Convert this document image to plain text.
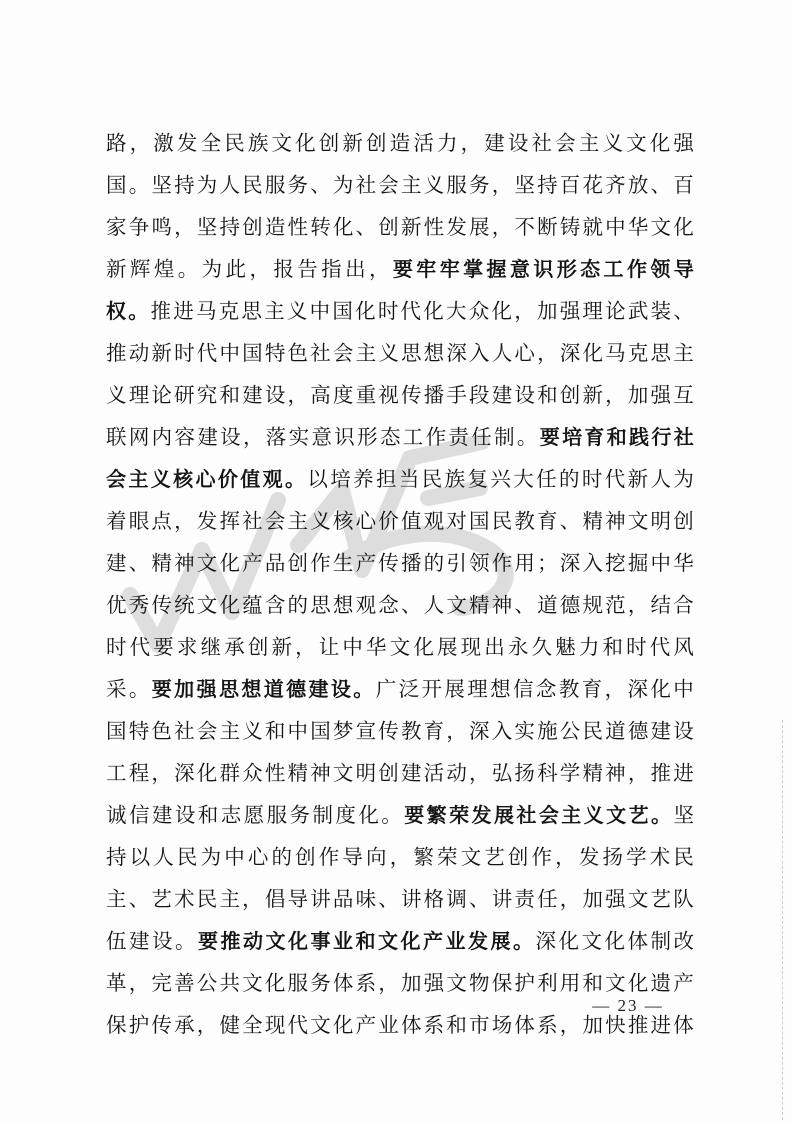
路 ， 激 发 全 民 族 文 化 创 新 创 造 活 力 ， 建 设 社 会 主 义 文 化 强
国 。 坚 持 为 人 民 服 务 、 为 社 会 主 义 服 务 ， 坚 持 百 花 齐 放 、 百
家 争 鸣 ， 坚 持 创 造 性 转 化 、 创 新 性 发 展 ， 不 断 铸 就 中 华 文 化
新 辉 煌 。 为 此 ， 报 告 指 出 ， 要 牢 牢 掌 握 意 识 形 态 工 作 领 导
权 。 推 进 马 克 思 主 义 中 国 化 时 代 化 大 众 化 ， 加 强 理 论 武 装 、
推 动 新 时 代 中 国 特 色 社 会 主 义 思 想 深 入 人 心 ， 深 化 马 克 思 主
义 理 论 研 究 和 建 设 ， 高 度 重 视 传 播 手 段 建 设 和 创 新 ， 加 强 互
联 网 内 容 建 设 ， 落 实 意 识 形 态 工 作 责 任 制 。 要 培 育 和 践 行 社
会 主 义 核 心 价 值 观 。 以 培 养 担 当 民 族 复 兴 大 任 的 时 代 新 人 为
着 眼 点 ， 发 挥 社 会 主 义 核 心 价 值 观 对 国 民 教 育 、 精 神 文 明 创
建 、 精 神 文 化 产 品 创 作 生 产 传 播 的 引 领 作 用 ； 深 入 挖 掘 中 华
优 秀 传 统 文 化 蕴 含 的 思 想 观 念 、 人 文 精 神 、 道 德 规 范 ， 结 合
时 代 要 求 继 承 创 新 ， 让 中 华 文 化 展 现 出 永 久 魅 力 和 时 代 风
采 。 要 加 强 思 想 道 德 建 设 。 广 泛 开 展 理 想 信 念 教 育 ， 深 化 中
国 特 色 社 会 主 义 和 中 国 梦 宣 传 教 育 ， 深 入 实 施 公 民 道 德 建 设
工 程 ， 深 化 群 众 性 精 神 文 明 创 建 活 动 ， 弘 扬 科 学 精 神 ， 推 进
诚 信 建 设 和 志 愿 服 务 制 度 化 。 要 繁 荣 发 展 社 会 主 义 文 艺 。 坚
持 以 人 民 为 中 心 的 创 作 导 向 ， 繁 荣 文 艺 创 作 ， 发 扬 学 术 民
主 、 艺 术 民 主 ， 倡 导 讲 品 味 、 讲 格 调 、 讲 责 任 ， 加 强 文 艺 队
伍 建 设 。 要 推 动 文 化 事 业 和 文 化 产 业 发 展 。 深 化 文 化 体 制 改
革 ， 完 善 公 共 文 化 服 务 体 系 ， 加 强 文 物 保 护 利 用 和 文 化 遗 产
保 护 传 承 ， 健 全 现 代 文 化 产 业 体 系 和 市 场 体 系 ， 加 快 推 进 体
— 23 —
